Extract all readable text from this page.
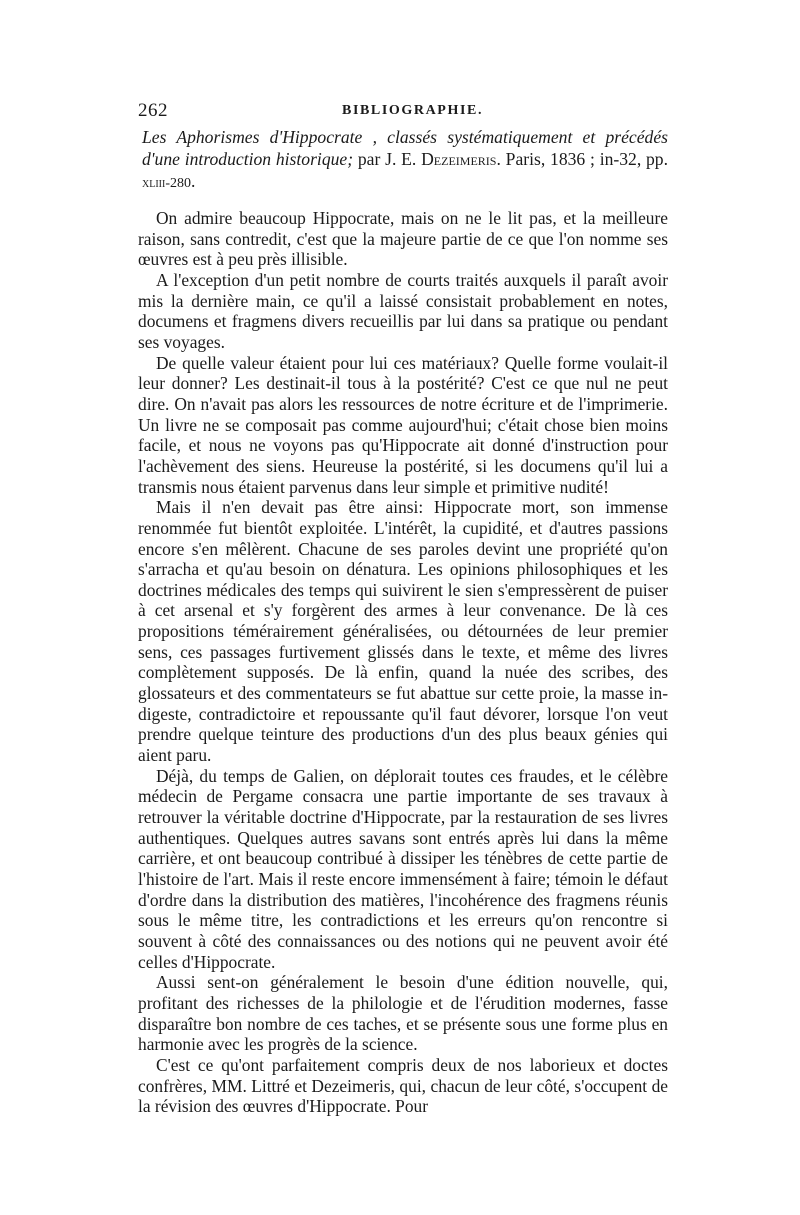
262	BIBLIOGRAPHIE.
Les Aphorismes d'Hippocrate , classés systématiquement et précédés d'une introduction historique; par J. E. Dezeimeris. Paris, 1836 ; in-32, pp. xliii-280.

On admire beaucoup Hippocrate, mais on ne le lit pas, et la meilleure raison, sans contredit, c'est que la majeure partie de ce que l'on nomme ses œuvres est à peu près illisible.

A l'exception d'un petit nombre de courts traités auxquels il paraît avoir mis la dernière main, ce qu'il a laissé consistait probablement en notes, documens et fragmens divers recueillis par lui dans sa pratique ou pendant ses voyages.

De quelle valeur étaient pour lui ces matériaux? Quelle forme voulait-il leur donner? Les destinait-il tous à la postérité? C'est ce que nul ne peut dire. On n'avait pas alors les ressources de notre écriture et de l'imprimerie. Un livre ne se composait pas comme aujourd'hui; c'était chose bien moins facile, et nous ne voyons pas qu'Hippocrate ait donné d'instruction pour l'achèvement des siens. Heureuse la postérité, si les documens qu'il lui a transmis nous étaient parvenus dans leur simple et primitive nudité!

Mais il n'en devait pas être ainsi: Hippocrate mort, son immense renommée fut bientôt exploitée. L'intérêt, la cupidité, et d'autres passions encore s'en mêlèrent. Chacune de ses paroles devint une propriété qu'on s'arracha et qu'au besoin on dénatura. Les opinions philosophiques et les doctrines médicales des temps qui suivirent le sien s'empressèrent de puiser à cet arsenal et s'y forgèrent des armes à leur convenance. De là ces propositions témérairement généralisées, ou détournées de leur premier sens, ces passages furtivement glissés dans le texte, et même des livres complètement supposés. De là enfin, quand la nuée des scribes, des glossateurs et des commentateurs se fut abattue sur cette proie, la masse indigeste, contradictoire et repoussante qu'il faut dévorer, lorsque l'on veut prendre quelque teinture des productions d'un des plus beaux génies qui aient paru.

Déjà, du temps de Galien, on déplorait toutes ces fraudes, et le célèbre médecin de Pergame consacra une partie importante de ses travaux à retrouver la véritable doctrine d'Hippocrate, par la restauration de ses livres authentiques. Quelques autres savans sont entrés après lui dans la même carrière, et ont beaucoup contribué à dissiper les ténèbres de cette partie de l'histoire de l'art. Mais il reste encore immensément à faire; témoin le défaut d'ordre dans la distribution des matières, l'incohérence des fragmens réunis sous le même titre, les contradictions et les erreurs qu'on rencontre si souvent à côté des connaissances ou des notions qui ne peuvent avoir été celles d'Hippocrate.

Aussi sent-on généralement le besoin d'une édition nouvelle, qui, profitant des richesses de la philologie et de l'érudition modernes, fasse disparaître bon nombre de ces taches, et se présente sous une forme plus en harmonie avec les progrès de la science.

C'est ce qu'ont parfaitement compris deux de nos laborieux et doctes confrères, MM. Littré et Dezeimeris, qui, chacun de leur côté, s'occupent de la révision des œuvres d'Hippocrate. Pour
